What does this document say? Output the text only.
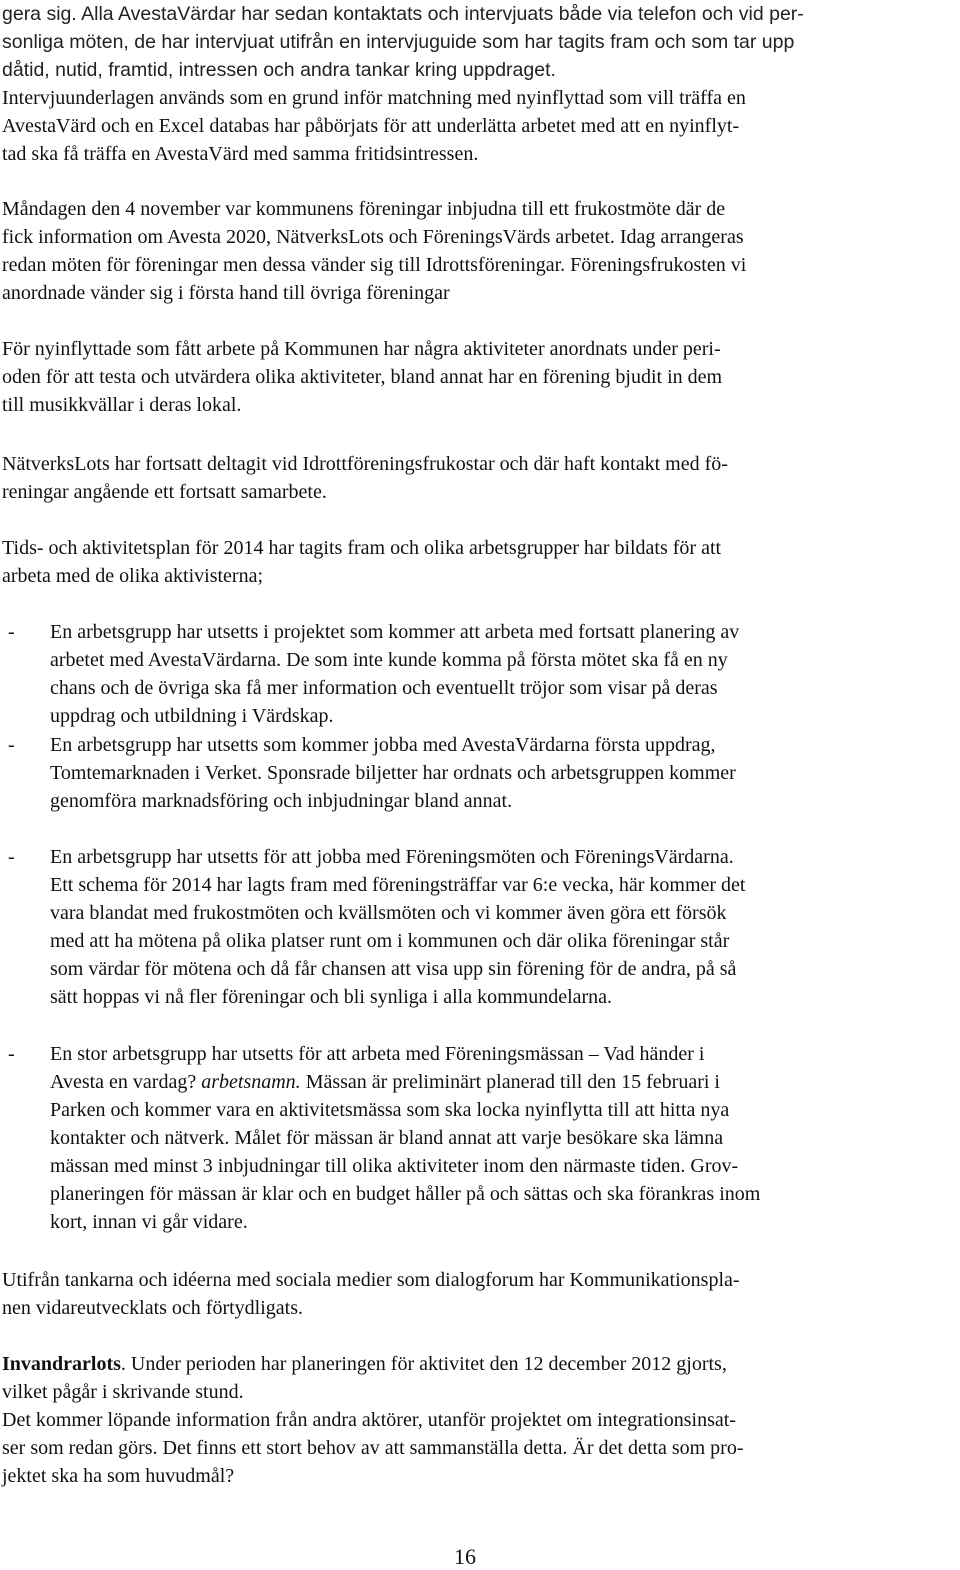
gera sig. Alla AvestaVärdar har sedan kontaktats och intervjuats både via telefon och vid per-
sonliga möten, de har intervjuat utifrån en intervjuguide som har tagits fram och som tar upp
dåtid, nutid, framtid, intressen och andra tankar kring uppdraget.
Intervjuunderlagen används som en grund inför matchning med nyinflyttad som vill träffa en
AvestaVärd och en Excel databas har påbörjats för att underlätta arbetet med att en nyinflyt-
tad ska få träffa en AvestaVärd med samma fritidsintressen.
Måndagen den 4 november var kommunens föreningar inbjudna till ett frukostmöte där de
fick information om Avesta 2020, NätverksLots och FöreningsVärds arbetet. Idag arrangeras
redan möten för föreningar men dessa vänder sig till Idrottsföreningar. Föreningsfrukosten vi
anordnade vänder sig i första hand till övriga föreningar
För nyinflyttade som fått arbete på Kommunen har några aktiviteter anordnats under peri-
oden för att testa och utvärdera olika aktiviteter, bland annat har en förening bjudit in dem
till musikkvällar i deras lokal.
NätverksLots har fortsatt deltagit vid Idrottföreningsfrukostar och där haft kontakt med fö-
reningar angående ett fortsatt samarbete.
Tids- och aktivitetsplan för 2014 har tagits fram och olika arbetsgrupper har bildats för att
arbeta med de olika aktivisterna;
- En arbetsgrupp har utsetts i projektet som kommer att arbeta med fortsatt planering av
arbetet med AvestaVärdarna. De som inte kunde komma på första mötet ska få en ny
chans och de övriga ska få mer information och eventuellt tröjor som visar på deras
uppdrag och utbildning i Värdskap.
- En arbetsgrupp har utsetts som kommer jobba med AvestaVärdarna första uppdrag,
Tomtemarknaden i Verket. Sponsrade biljetter har ordnats och arbetsgruppen kommer
genomföra marknadsföring och inbjudningar bland annat.
- En arbetsgrupp har utsetts för att jobba med Föreningsmöten och FöreningsVärdarna.
Ett schema för 2014 har lagts fram med föreningsträffar var 6:e vecka, här kommer det
vara blandat med frukostmöten och kvällsmöten och vi kommer även göra ett försök
med att ha mötena på olika platser runt om i kommunen och där olika föreningar står
som värdar för mötena och då får chansen att visa upp sin förening för de andra, på så
sätt hoppas vi nå fler föreningar och bli synliga i alla kommundelarna.
- En stor arbetsgrupp har utsetts för att arbeta med Föreningsmässan – Vad händer i
Avesta en vardag? arbetsnamn. Mässan är preliminärt planerad till den 15 februari i
Parken och kommer vara en aktivitetsmässa som ska locka nyinflytta till att hitta nya
kontakter och nätverk. Målet för mässan är bland annat att varje besökare ska lämna
mässan med minst 3 inbjudningar till olika aktiviteter inom den närmaste tiden. Grov-
planeringen för mässan är klar och en budget håller på och sättas och ska förankras inom
kort, innan vi går vidare.
Utifrån tankarna och idéerna med sociala medier som dialogforum har Kommunikationspla-
nen vidareutvecklats och förtydligats.
Invandrarlots. Under perioden har planeringen för aktivitet den 12 december 2012 gjorts,
vilket pågår i skrivande stund.
Det kommer löpande information från andra aktörer, utanför projektet om integrationsinsat-
ser som redan görs. Det finns ett stort behov av att sammanställa detta. Är det detta som pro-
jektet ska ha som huvudmål?
16
